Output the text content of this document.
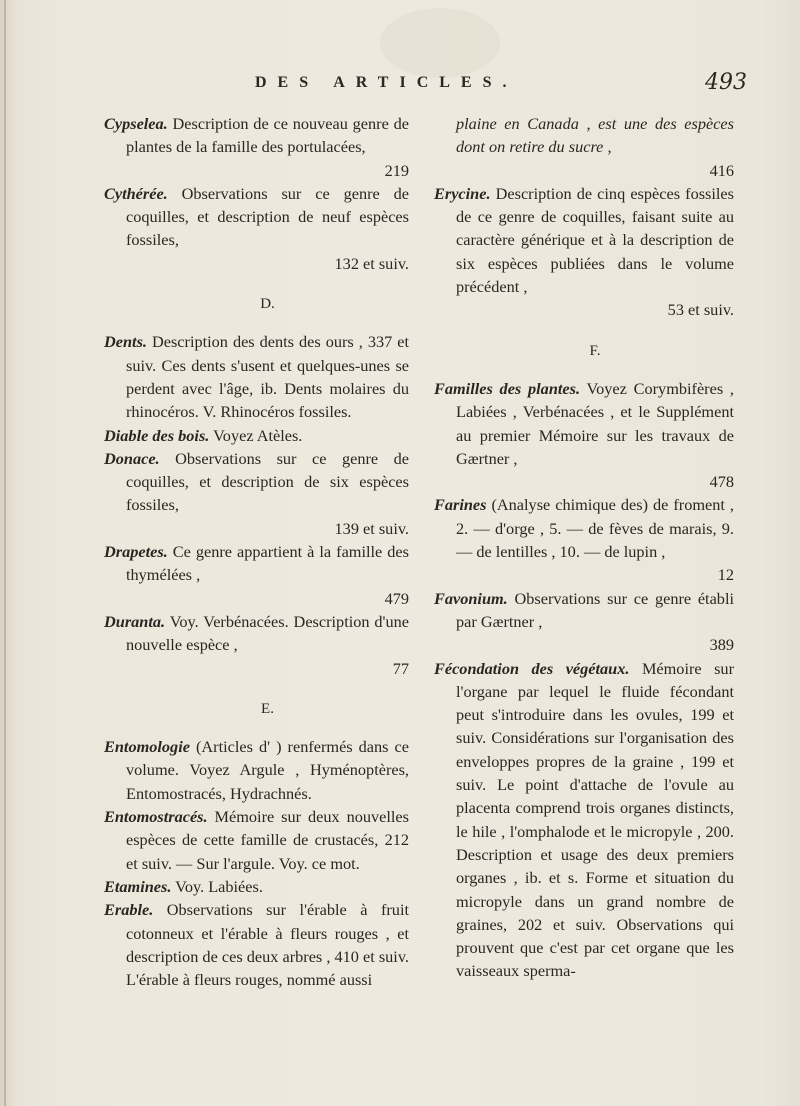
DES ARTICLES.	493

Cypselea. Description de ce nouveau genre de plantes de la famille des portulacées,
219

Cythérée. Observations sur ce genre de coquilles, et description de neuf espèces fossiles,
132 et suiv.

D.

Dents. Description des dents des ours , 337 et suiv. Ces dents s'usent et quelques-unes se perdent avec l'âge, ib. Dents molaires du rhinocéros. V. Rhinocéros fossiles.

Diable des bois. Voyez Atèles.

Donace. Observations sur ce genre de coquilles, et description de six espèces fossiles,
139 et suiv.

Drapetes. Ce genre appartient à la famille des thymélées ,
479

Duranta. Voy. Verbénacées. Description d'une nouvelle espèce ,
77

E.

Entomologie (Articles d' ) renfermés dans ce volume. Voyez Argule , Hyménoptères, Entomostracés, Hydrachnés.

Entomostracés. Mémoire sur deux nouvelles espèces de cette famille de crustacés, 212 et suiv. — Sur l'argule. Voy. ce mot.

Etamines. Voy. Labiées.

Erable. Observations sur l'érable à fruit cotonneux et l'érable à fleurs rouges , et description de ces deux arbres , 410 et suiv. L'érable à fleurs rouges, nommé aussi

plaine en Canada , est une des espèces dont on retire du sucre ,
416

Erycine. Description de cinq espèces fossiles de ce genre de coquilles, faisant suite au caractère générique et à la description de six espèces publiées dans le volume précédent ,
53 et suiv.

F.

Familles des plantes. Voyez Corymbifères , Labiées , Verbénacées , et le Supplément au premier Mémoire sur les travaux de Gærtner ,
478

Farines (Analyse chimique des) de froment , 2. — d'orge , 5. — de fèves de marais, 9. — de lentilles , 10. — de lupin ,
12

Favonium. Observations sur ce genre établi par Gærtner ,
389

Fécondation des végétaux. Mémoire sur l'organe par lequel le fluide fécondant peut s'introduire dans les ovules, 199 et suiv. Considérations sur l'organisation des enveloppes propres de la graine , 199 et suiv. Le point d'attache de l'ovule au placenta comprend trois organes distincts, le hile , l'omphalode et le micropyle , 200. Description et usage des deux premiers organes , ib. et s. Forme et situation du micropyle dans un grand nombre de graines, 202 et suiv. Observations qui prouvent que c'est par cet organe que les vaisseaux sperma-
